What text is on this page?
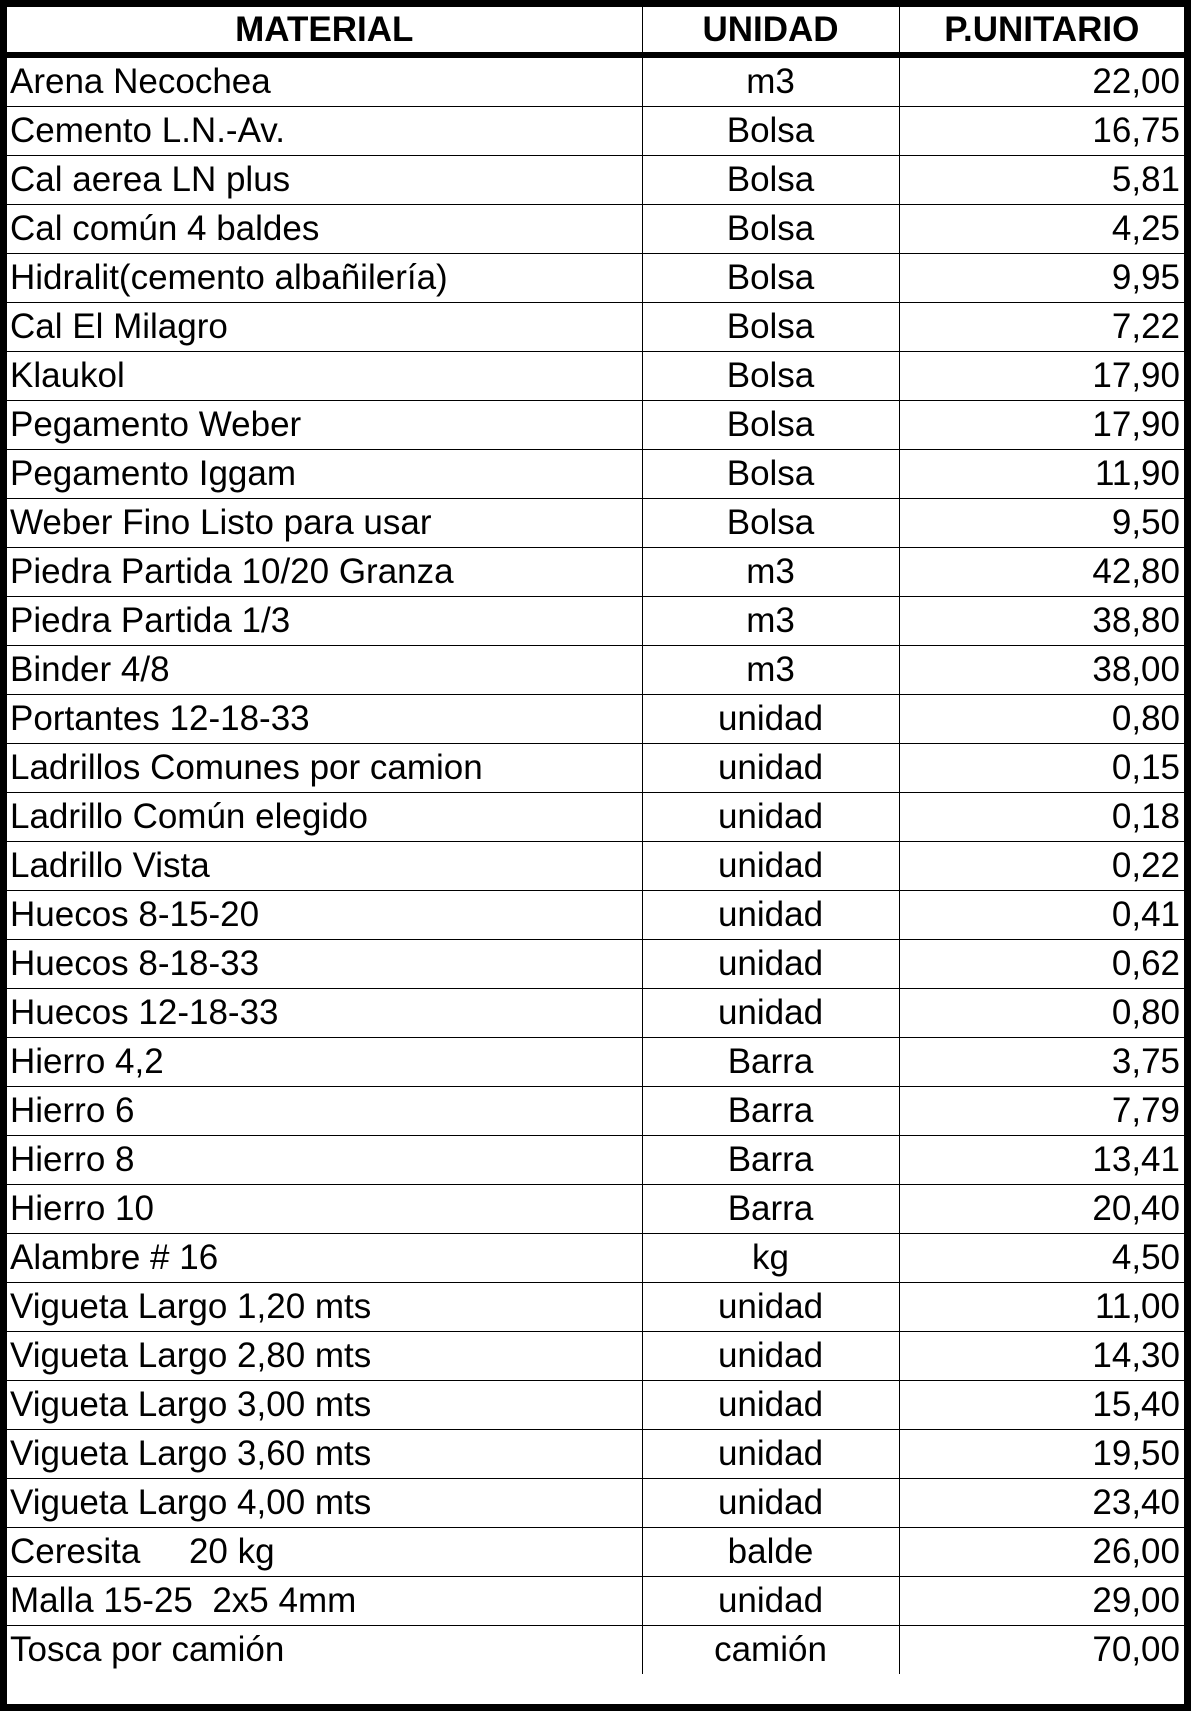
MATERIAL	UNIDAD	P.UNITARIO
Arena Necochea	m3	22,00
Cemento L.N.-Av.	Bolsa	16,75
Cal aerea LN plus	Bolsa	5,81
Cal común 4 baldes	Bolsa	4,25
Hidralit(cemento albañilería)	Bolsa	9,95
Cal El Milagro	Bolsa	7,22
Klaukol	Bolsa	17,90
Pegamento Weber	Bolsa	17,90
Pegamento Iggam	Bolsa	11,90
Weber Fino Listo para usar	Bolsa	9,50
Piedra Partida 10/20 Granza	m3	42,80
Piedra Partida 1/3	m3	38,80
Binder 4/8	m3	38,00
Portantes 12-18-33	unidad	0,80
Ladrillos Comunes por camion	unidad	0,15
Ladrillo Común elegido	unidad	0,18
Ladrillo Vista	unidad	0,22
Huecos 8-15-20	unidad	0,41
Huecos 8-18-33	unidad	0,62
Huecos 12-18-33	unidad	0,80
Hierro 4,2	Barra	3,75
Hierro 6	Barra	7,79
Hierro 8	Barra	13,41
Hierro 10	Barra	20,40
Alambre # 16	kg	4,50
Vigueta Largo 1,20 mts	unidad	11,00
Vigueta Largo 2,80 mts	unidad	14,30
Vigueta Largo 3,00 mts	unidad	15,40
Vigueta Largo 3,60 mts	unidad	19,50
Vigueta Largo 4,00 mts	unidad	23,40
Ceresita     20 kg	balde	26,00
Malla 15-25  2x5 4mm	unidad	29,00
Tosca por camión	camión	70,00
